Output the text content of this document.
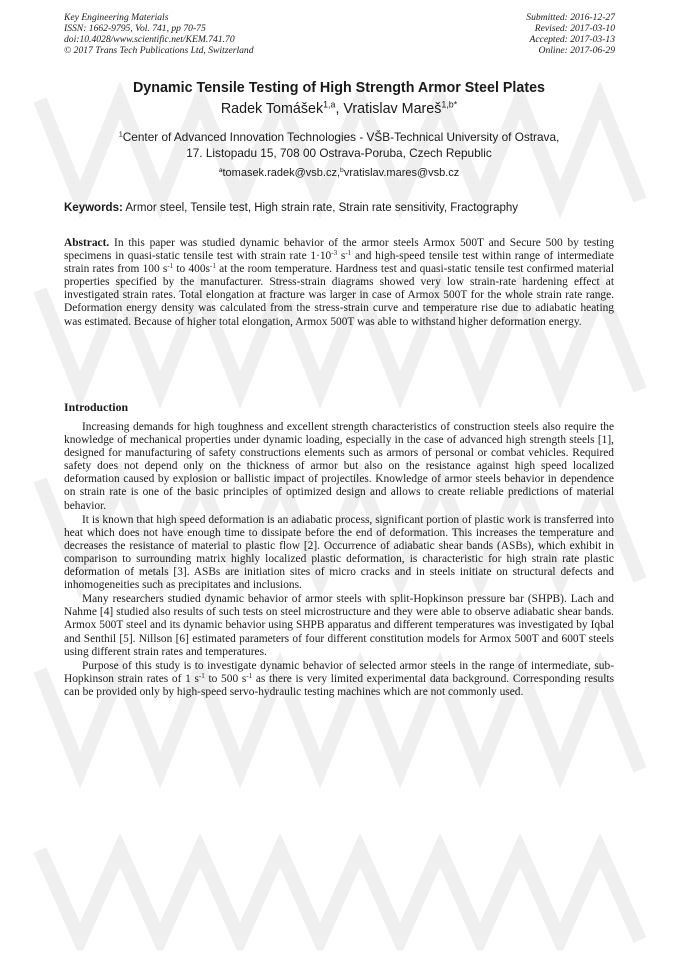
Key Engineering Materials
ISSN: 1662-9795, Vol. 741, pp 70-75
doi:10.4028/www.scientific.net/KEM.741.70
© 2017 Trans Tech Publications Ltd, Switzerland
Submitted: 2016-12-27
Revised: 2017-03-10
Accepted: 2017-03-13
Online: 2017-06-29
Dynamic Tensile Testing of High Strength Armor Steel Plates
Radek Tomášek$^{1,a}$, Vratislav Mareš$^{1,b*}$
$^1$Center of Advanced Innovation Technologies - VŠB-Technical University of Ostrava,
17. Listopadu 15, 708 00 Ostrava-Poruba, Czech Republic
$^a$tomasek.radek@vsb.cz,$^b$vratislav.mares@vsb.cz
Keywords: Armor steel, Tensile test, High strain rate, Strain rate sensitivity, Fractography

Abstract. In this paper was studied dynamic behavior of the armor steels Armox 500T and Secure 500 by testing specimens in quasi-static tensile test with strain rate $1\cdot 10^{-3}$ $s^{-1}$ and high-speed tensile test within range of intermediate strain rates from 100 $s^{-1}$ to $400s^{-1}$ at the room temperature. Hardness test and quasi-static tensile test confirmed material properties specified by the manufacturer. Stress-strain diagrams showed very low strain-rate hardening effect at investigated strain rates. Total elongation at fracture was larger in case of Armox 500T for the whole strain rate range. Deformation energy density was calculated from the stress-strain curve and temperature rise due to adiabatic heating was estimated. Because of higher total elongation, Armox 500T was able to withstand higher deformation energy.

Introduction

Increasing demands for high toughness and excellent strength characteristics of construction steels also require the knowledge of mechanical properties under dynamic loading, especially in the case of advanced high strength steels [1], designed for manufacturing of safety constructions elements such as armors of personal or combat vehicles. Required safety does not depend only on the thickness of armor but also on the resistance against high speed localized deformation caused by explosion or ballistic impact of projectiles. Knowledge of armor steels behavior in dependence on strain rate is one of the basic principles of optimized design and allows to create reliable predictions of material behavior.

It is known that high speed deformation is an adiabatic process, significant portion of plastic work is transferred into heat which does not have enough time to dissipate before the end of deformation. This increases the temperature and decreases the resistance of material to plastic flow [2]. Occurrence of adiabatic shear bands (ASBs), which exhibit in comparison to surrounding matrix highly localized plastic deformation, is characteristic for high strain rate plastic deformation of metals [3]. ASBs are initiation sites of micro cracks and in steels initiate on structural defects and inhomogeneities such as precipitates and inclusions.

Many researchers studied dynamic behavior of armor steels with split-Hopkinson pressure bar (SHPB). Lach and Nahme [4] studied also results of such tests on steel microstructure and they were able to observe adiabatic shear bands. Armox 500T steel and its dynamic behavior using SHPB apparatus and different temperatures was investigated by Iqbal and Senthil [5]. Nillson [6] estimated parameters of four different constitution models for Armox 500T and 600T steels using different strain rates and temperatures.

Purpose of this study is to investigate dynamic behavior of selected armor steels in the range of intermediate, sub-Hopkinson strain rates of 1 $s^{-1}$ to 500 $s^{-1}$ as there is very limited experimental data background. Corresponding results can be provided only by high-speed servo-hydraulic testing machines which are not commonly used.
